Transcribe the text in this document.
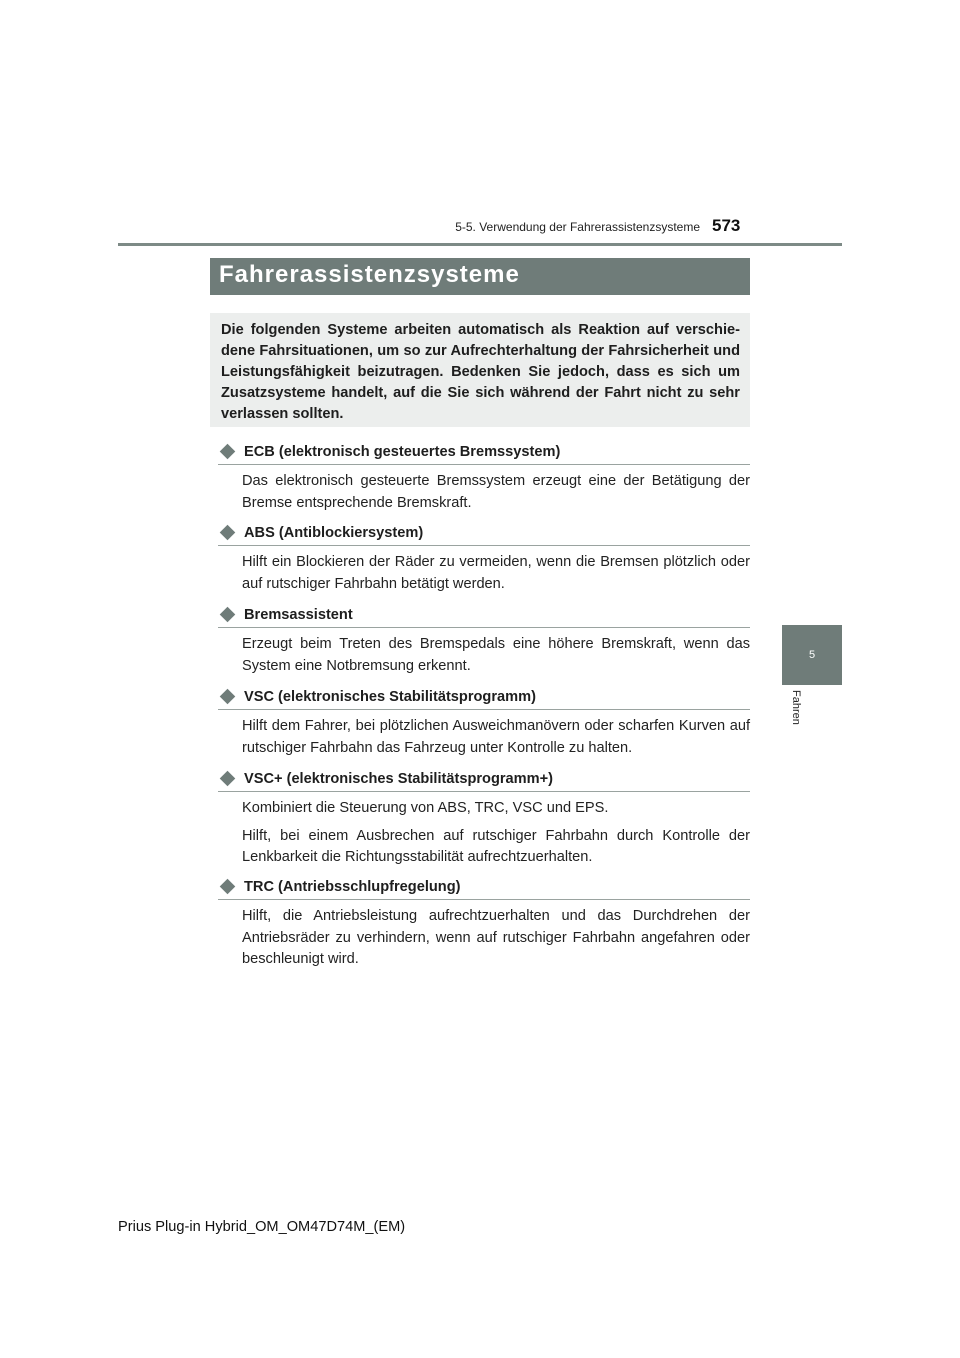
5-5. Verwendung der Fahrerassistenzsysteme 573
5
Fahren
Fahrerassistenzsysteme
Die folgenden Systeme arbeiten automatisch als Reaktion auf verschie-dene Fahrsituationen, um so zur Aufrechterhaltung der Fahrsicherheit und Leistungsfähigkeit beizutragen. Bedenken Sie jedoch, dass es sich um Zusatzsysteme handelt, auf die Sie sich während der Fahrt nicht zu sehr verlassen sollten.
ECB (elektronisch gesteuertes Bremssystem)

Das elektronisch gesteuerte Bremssystem erzeugt eine der Betätigung der Bremse entsprechende Bremskraft.

ABS (Antiblockiersystem)

Hilft ein Blockieren der Räder zu vermeiden, wenn die Bremsen plötzlich oder auf rutschiger Fahrbahn betätigt werden.

Bremsassistent

Erzeugt beim Treten des Bremspedals eine höhere Bremskraft, wenn das System eine Notbremsung erkennt.

VSC (elektronisches Stabilitätsprogramm)

Hilft dem Fahrer, bei plötzlichen Ausweichmanövern oder scharfen Kurven auf rutschiger Fahrbahn das Fahrzeug unter Kontrolle zu halten.

VSC+ (elektronisches Stabilitätsprogramm+)

Kombiniert die Steuerung von ABS, TRC, VSC und EPS.

Hilft, bei einem Ausbrechen auf rutschiger Fahrbahn durch Kontrolle der Lenkbarkeit die Richtungsstabilität aufrechtzuerhalten.

TRC (Antriebsschlupfregelung)

Hilft, die Antriebsleistung aufrechtzuerhalten und das Durchdrehen der Antriebsräder zu verhindern, wenn auf rutschiger Fahrbahn angefahren oder beschleunigt wird.

Prius Plug-in Hybrid_OM_OM47D74M_(EM)
